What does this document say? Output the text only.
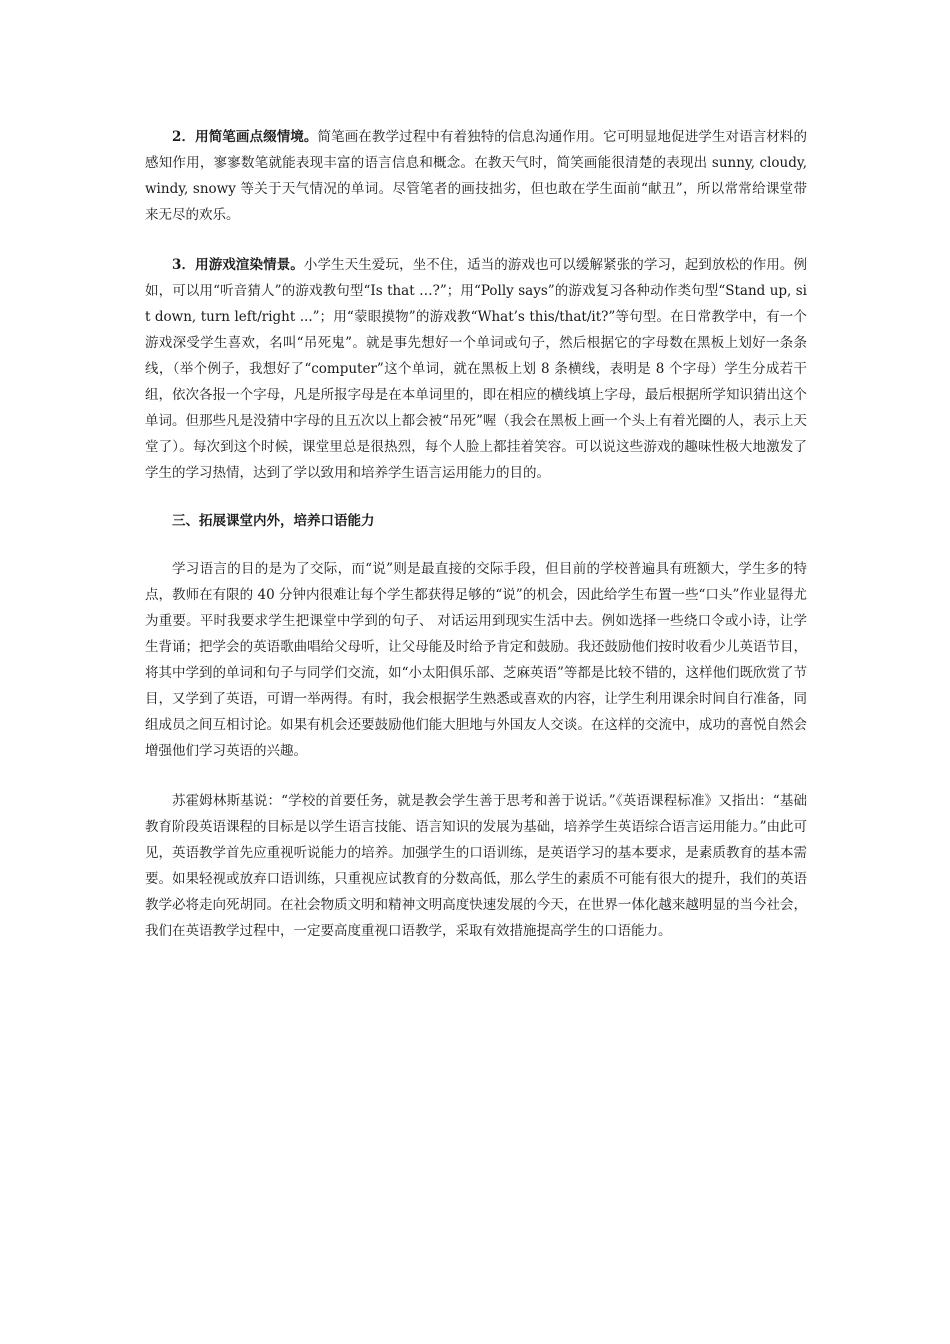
2．用简笔画点缀情境。简笔画在教学过程中有着独特的信息沟通作用。它可明显地促进学生对语言材料的感知作用，寥寥数笔就能表现丰富的语言信息和概念。在教天气时，简笑画能很清楚的表现出 sunny, cloudy, windy, snowy 等关于天气情况的单词。尽管笔者的画技拙劣，但也敢在学生面前“献丑”，所以常常给课堂带来无尽的欢乐。

3．用游戏渲染情景。小学生天生爱玩，坐不住，适当的游戏也可以缓解紧张的学习，起到放松的作用。例如，可以用“听音猜人”的游戏教句型“Is that …?”；用“Polly says”的游戏复习各种动作类句型“Stand up, sit down, turn left/right ...”；用“蒙眼摸物”的游戏教“What’s this/that/it?”等句型。在日常教学中，有一个游戏深受学生喜欢，名叫“吊死鬼”。就是事先想好一个单词或句子，然后根据它的字母数在黑板上划好一条条线，（举个例子，我想好了“computer”这个单词，就在黑板上划 8 条横线，表明是 8 个字母）学生分成若干组，依次各报一个字母，凡是所报字母是在本单词里的，即在相应的横线填上字母，最后根据所学知识猜出这个单词。但那些凡是没猜中字母的且五次以上都会被“吊死”喔（我会在黑板上画一个头上有着光圈的人，表示上天堂了）。每次到这个时候，课堂里总是很热烈，每个人脸上都挂着笑容。可以说这些游戏的趣味性极大地激发了学生的学习热情，达到了学以致用和培养学生语言运用能力的目的。

三、拓展课堂内外，培养口语能力

学习语言的目的是为了交际，而“说”则是最直接的交际手段，但目前的学校普遍具有班额大，学生多的特点，教师在有限的 40 分钟内很难让每个学生都获得足够的“说”的机会，因此给学生布置一些“口头”作业显得尤为重要。平时我要求学生把课堂中学到的句子、 对话运用到现实生活中去。例如选择一些绕口令或小诗，让学生背诵；把学会的英语歌曲唱给父母听，让父母能及时给予肯定和鼓励。我还鼓励他们按时收看少儿英语节目，将其中学到的单词和句子与同学们交流，如“小太阳俱乐部、芝麻英语”等都是比较不错的，这样他们既欣赏了节目，又学到了英语，可谓一举两得。有时，我会根据学生熟悉或喜欢的内容，让学生利用课余时间自行准备，同组成员之间互相讨论。如果有机会还要鼓励他们能大胆地与外国友人交谈。在这样的交流中，成功的喜悦自然会增强他们学习英语的兴趣。

苏霍姆林斯基说：“学校的首要任务，就是教会学生善于思考和善于说话。”《英语课程标准》又指出：“基础教育阶段英语课程的目标是以学生语言技能、语言知识的发展为基础，培养学生英语综合语言运用能力。”由此可见，英语教学首先应重视听说能力的培养。加强学生的口语训练，是英语学习的基本要求，是素质教育的基本需要。如果轻视或放弃口语训练，只重视应试教育的分数高低，那么学生的素质不可能有很大的提升，我们的英语教学必将走向死胡同。在社会物质文明和精神文明高度快速发展的今天，在世界一体化越来越明显的当今社会，我们在英语教学过程中，一定要高度重视口语教学，采取有效措施提高学生的口语能力。
